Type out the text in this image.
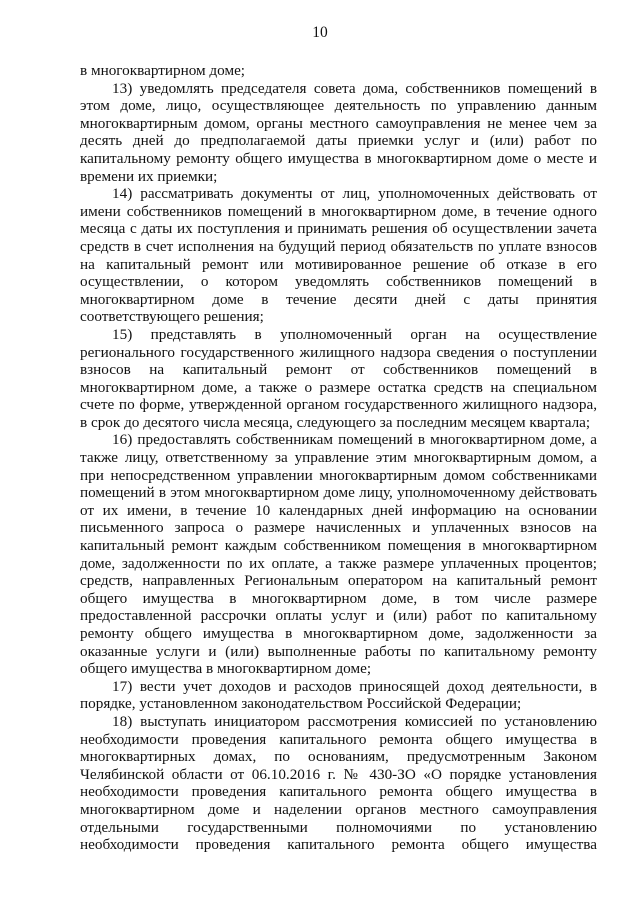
10

в многоквартирном доме;

13) уведомлять председателя совета дома, собственников помещений в этом доме, лицо, осуществляющее деятельность по управлению данным многоквартирным домом, органы местного самоуправления не менее чем за десять дней до предполагаемой даты приемки услуг и (или) работ по капитальному ремонту общего имущества в многоквартирном доме о месте и времени их приемки;

14) рассматривать документы от лиц, уполномоченных действовать от имени собственников помещений в многоквартирном доме, в течение одного месяца с даты их поступления и принимать решения об осуществлении зачета средств в счет исполнения на будущий период обязательств по уплате взносов на капитальный ремонт или мотивированное решение об отказе в его осуществлении, о котором уведомлять собственников помещений в многоквартирном доме в течение десяти дней с даты принятия соответствующего решения;

15) представлять в уполномоченный орган на осуществление регионального государственного жилищного надзора сведения о поступлении взносов на капитальный ремонт от собственников помещений в многоквартирном доме, а также о размере остатка средств на специальном счете по форме, утвержденной органом государственного жилищного надзора, в срок до десятого числа месяца, следующего за последним месяцем квартала;

16) предоставлять собственникам помещений в многоквартирном доме, а также лицу, ответственному за управление этим многоквартирным домом, а при непосредственном управлении многоквартирным домом собственниками помещений в этом многоквартирном доме лицу, уполномоченному действовать от их имени, в течение 10 календарных дней информацию на основании письменного запроса о размере начисленных и уплаченных взносов на капитальный ремонт каждым собственником помещения в многоквартирном доме, задолженности по их оплате, а также размере уплаченных процентов; средств, направленных Региональным оператором на капитальный ремонт общего имущества в многоквартирном доме, в том числе размере предоставленной рассрочки оплаты услуг и (или) работ по капитальному ремонту общего имущества в многоквартирном доме, задолженности за оказанные услуги и (или) выполненные работы по капитальному ремонту общего имущества в многоквартирном доме;

17) вести учет доходов и расходов приносящей доход деятельности, в порядке, установленном законодательством Российской Федерации;

18) выступать инициатором рассмотрения комиссией по установлению необходимости проведения капитального ремонта общего имущества в многоквартирных домах, по основаниям, предусмотренным Законом Челябинской области от 06.10.2016 г. № 430-ЗО «О порядке установления необходимости проведения капитального ремонта общего имущества в многоквартирном доме и наделении органов местного самоуправления отдельными государственными полномочиями по установлению необходимости проведения капитального ремонта общего имущества
